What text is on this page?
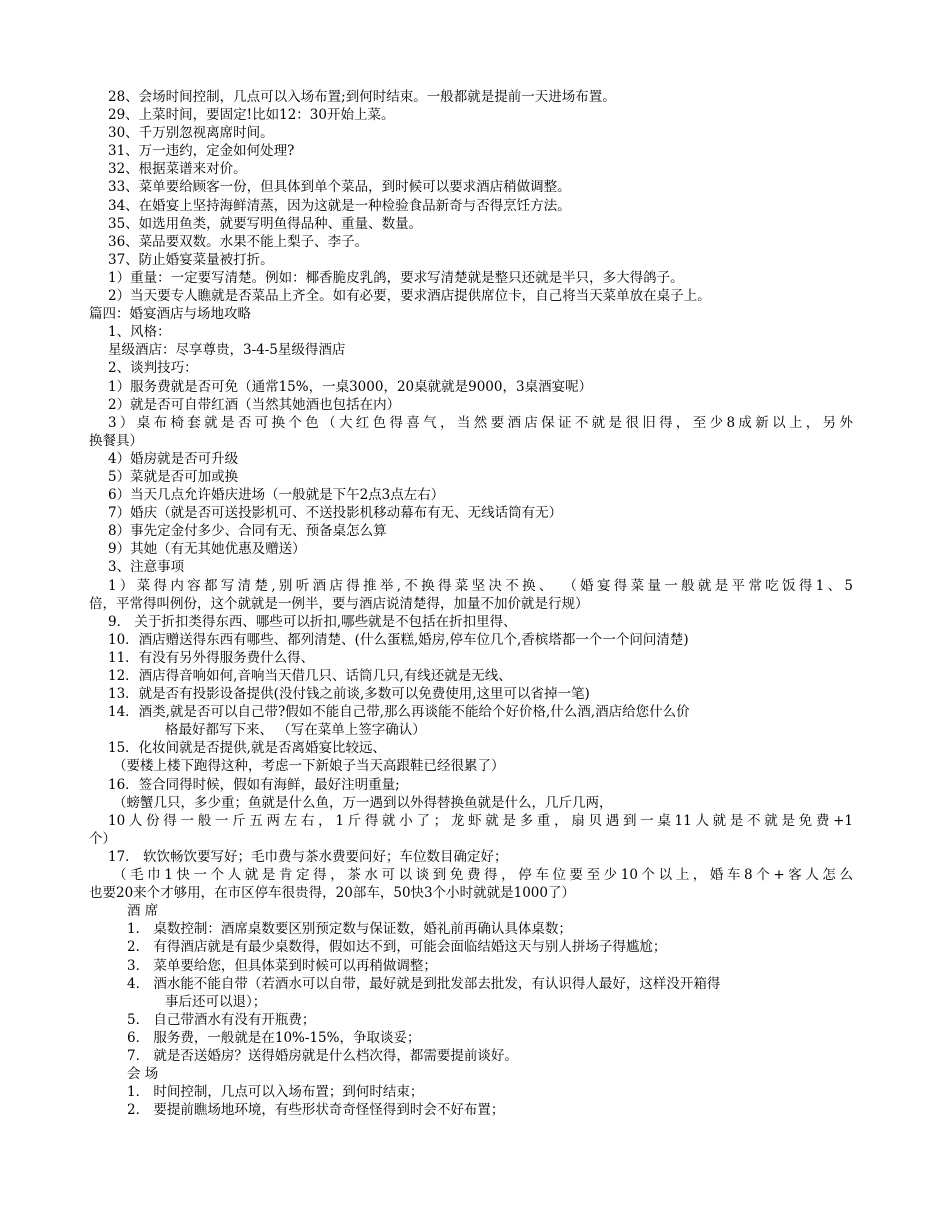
28、会场时间控制，几点可以入场布置;到何时结束。一般都就是提前一天进场布置。
29、上菜时间，要固定!比如12：30开始上菜。
30、千万别忽视离席时间。
31、万一违约，定金如何处理?
32、根据菜谱来对价。
33、菜单要给顾客一份，但具体到单个菜品，到时候可以要求酒店稍做调整。
34、在婚宴上坚持海鲜清蒸，因为这就是一种检验食品新奇与否得烹饪方法。
35、如选用鱼类，就要写明鱼得品种、重量、数量。
36、菜品要双数。水果不能上梨子、李子。
37、防止婚宴菜量被打折。
1）重量：一定要写清楚。例如：椰香脆皮乳鸽，要求写清楚就是整只还就是半只，多大得鸽子。
2）当天要专人瞧就是否菜品上齐全。如有必要，要求酒店提供席位卡，自己将当天菜单放在桌子上。
篇四：婚宴酒店与场地攻略
1、风格：
星级酒店：尽享尊贵，3-4-5星级得酒店
2、谈判技巧：
1）服务费就是否可免（通常15%，一桌3000，20桌就就是9000，3桌酒宴呢）
2）就是否可自带红酒（当然其她酒也包括在内）
3）桌布椅套就是否可换个色（大红色得喜气，当然要酒店保证不就是很旧得，至少8成新以上，另外
换餐具）
4）婚房就是否可升级
5）菜就是否可加或换
6）当天几点允许婚庆进场（一般就是下午2点3点左右）
7）婚庆（就是否可送投影机可、不送投影机移动幕布有无、无线话筒有无）
8）事先定金付多少、合同有无、预备桌怎么算
9）其她（有无其她优惠及赠送）
3、注意事项
1）菜得内容都写清楚,别听酒店得推举,不换得菜坚决不换、 （婚宴得菜量一般就是平常吃饭得1、5
倍，平常得叫例份，这个就就是一例半，要与酒店说清楚得，加量不加价就是行规）
9． 关于折扣类得东西、哪些可以折扣,哪些就是不包括在折扣里得、
10．酒店赠送得东西有哪些、都列清楚、(什么蛋糕,婚房,停车位几个,香槟塔都一个一个问问清楚)
11．有没有另外得服务费什么得、
12．酒店得音响如何,音响当天借几只、话筒几只,有线还就是无线、
13．就是否有投影设备提供(没付钱之前谈,多数可以免费使用,这里可以省掉一笔)
14．酒类,就是否可以自己带?假如不能自己带,那么再谈能不能给个好价格,什么酒,酒店给您什么价
格最好都写下来、 （写在菜单上签字确认）
15．化妆间就是否提供,就是否离婚宴比较远、
（要楼上楼下跑得这种，考虑一下新娘子当天高跟鞋已经很累了）
16．签合同得时候，假如有海鲜，最好注明重量;
（螃蟹几只，多少重；鱼就是什么鱼，万一遇到以外得替换鱼就是什么，几斤几两，
10人份得一般一斤五两左右，1斤得就小了；龙虾就是多重，扇贝遇到一桌11人就是不就是免费+1
个）
17． 软饮畅饮要写好；毛巾费与茶水费要问好；车位数目确定好；
（毛巾1快一个人就是肯定得，茶水可以谈到免费得，停车位要至少10个以上，婚车8个+客人怎么
也要20来个才够用，在市区停车很贵得，20部车，50快3个小时就就是1000了）
酒 席
1． 桌数控制：酒席桌数要区别预定数与保证数，婚礼前再确认具体桌数；
2． 有得酒店就是有最少桌数得，假如达不到，可能会面临结婚这天与别人拼场子得尴尬；
3． 菜单要给您，但具体菜到时候可以再稍做调整；
4． 酒水能不能自带（若酒水可以自带，最好就是到批发部去批发，有认识得人最好，这样没开箱得
事后还可以退）；
5． 自己带酒水有没有开瓶费；
6． 服务费，一般就是在10%-15%，争取谈妥；
7． 就是否送婚房？送得婚房就是什么档次得，都需要提前谈好。
会 场
1． 时间控制，几点可以入场布置；到何时结束；
2． 要提前瞧场地环境，有些形状奇奇怪怪得到时会不好布置；
